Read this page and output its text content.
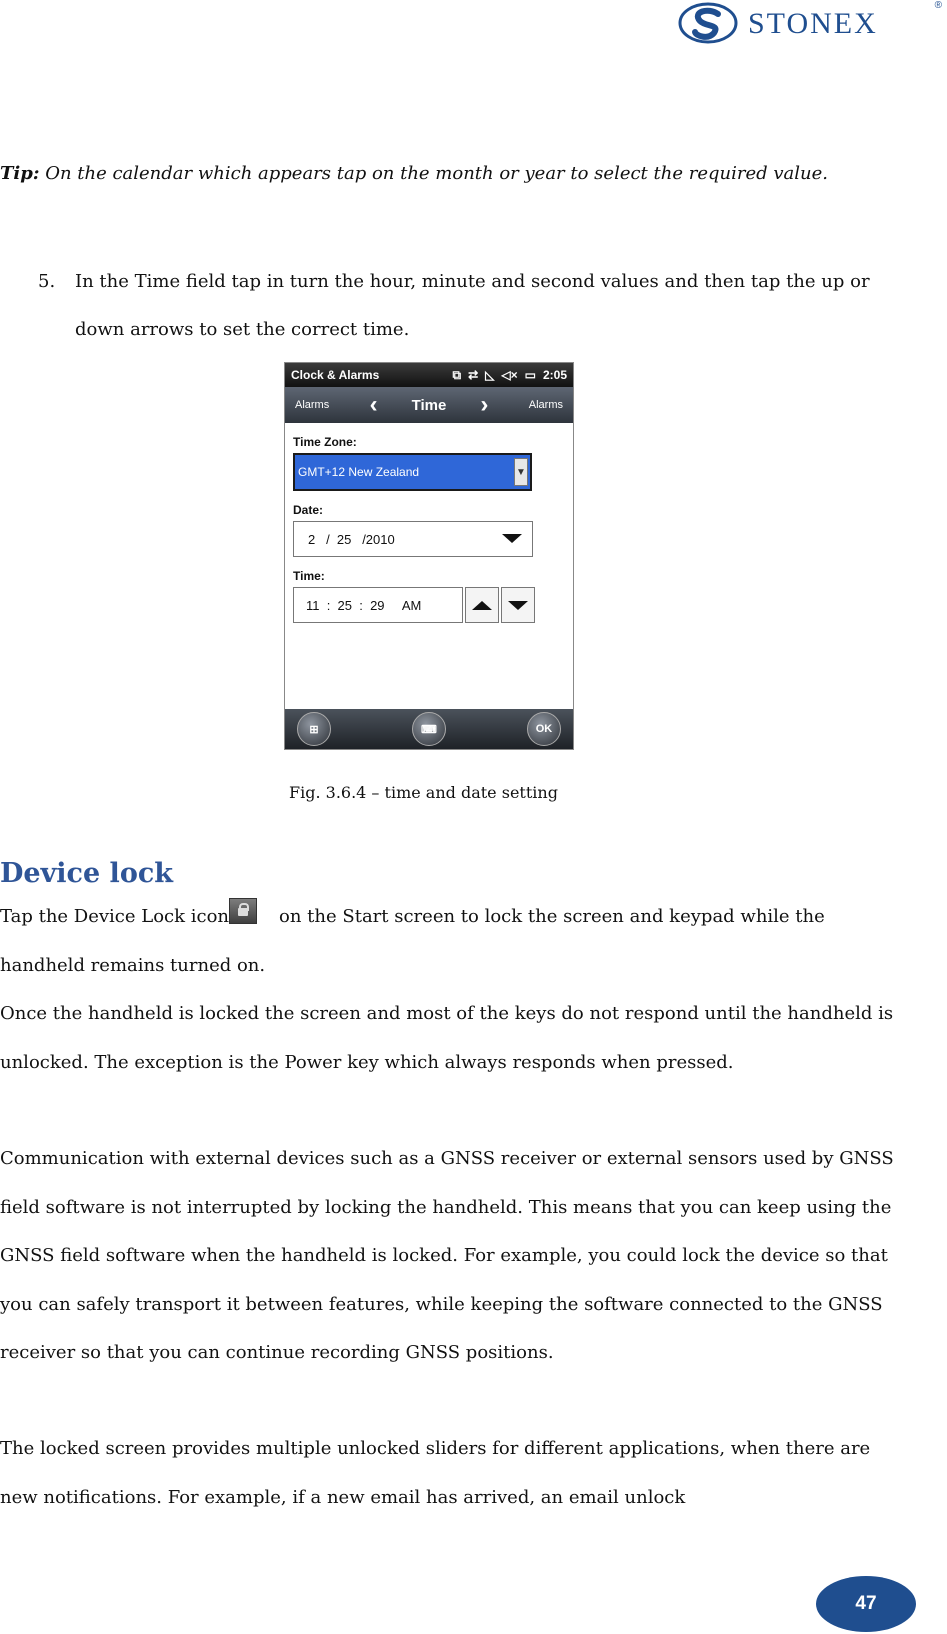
STONEX
®
Tip: On the calendar which appears tap on the month or year to select the required value.
5. In the Time field tap in turn the hour, minute and second values and then tap the up or down arrows to set the correct time.
Clock & Alarms	⧉ ⇄ ◺ ◁× ▭ 2:05
Alarms ‹ Time ›	Alarms
Time Zone:
GMT+12 New Zealand	▼
Date:
2   /  25   /2010
Time:
11  :  25  :  29     AM
⊞	⌨	OK
Fig. 3.6.4 – time and date setting
Device lock
Tap the Device Lock icon	on the Start screen to lock the screen and keypad while the handheld remains turned on.
Once the handheld is locked the screen and most of the keys do not respond until the handheld is unlocked. The exception is the Power key which always responds when pressed.
Communication with external devices such as a GNSS receiver or external sensors used by GNSS field software is not interrupted by locking the handheld. This means that you can keep using the GNSS field software when the handheld is locked. For example, you could lock the device so that you can safely transport it between features, while keeping the software connected to the GNSS receiver so that you can continue recording GNSS positions.
The locked screen provides multiple unlocked sliders for different applications, when there are new notifications. For example, if a new email has arrived, an email unlock
47
